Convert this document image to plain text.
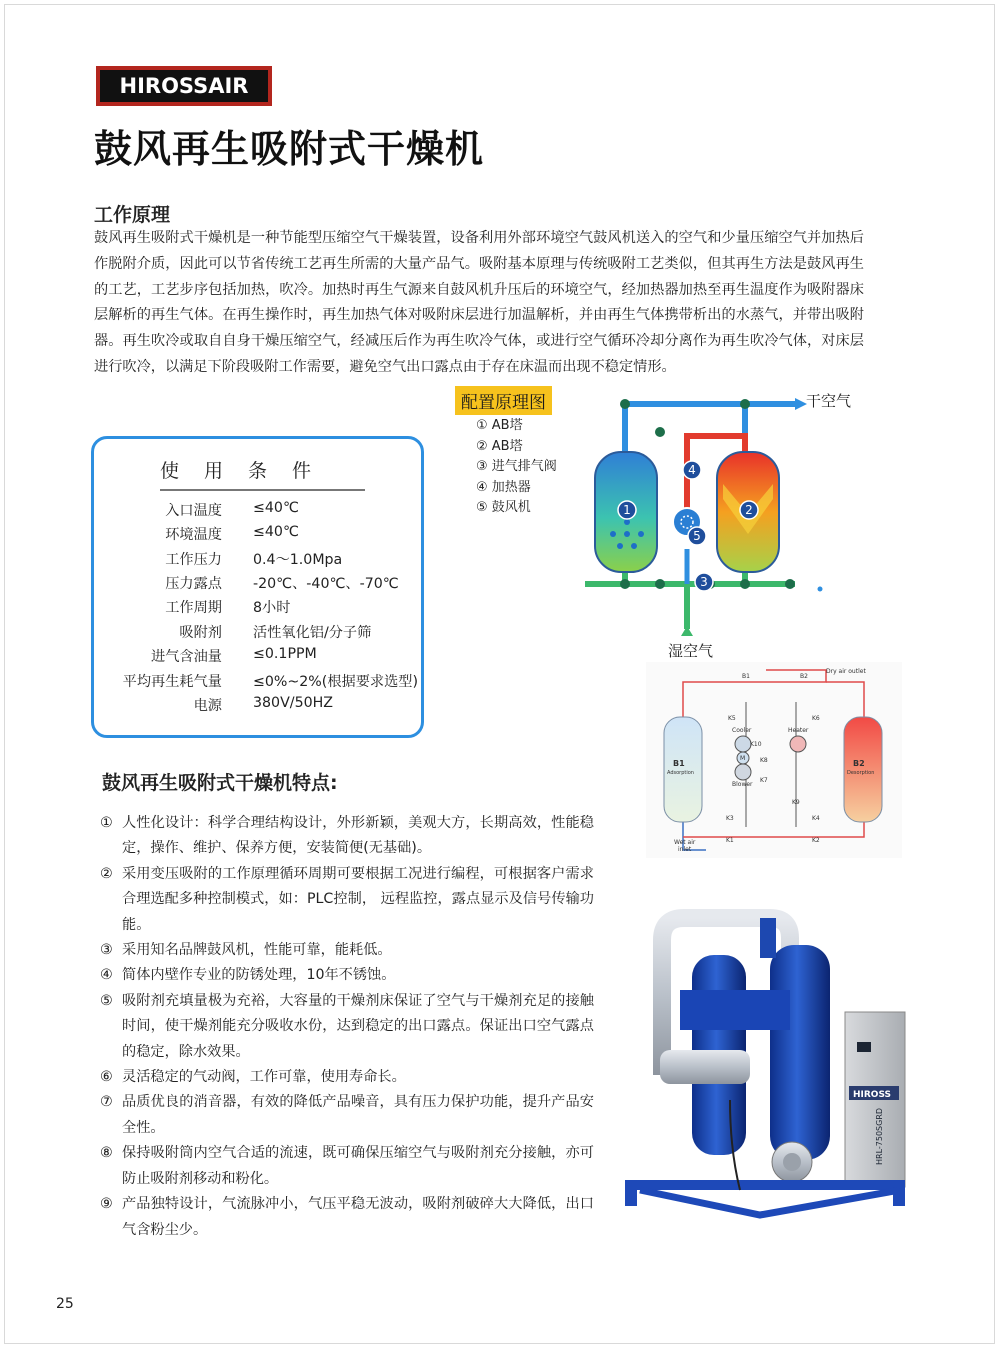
HIROSSAIR
鼓风再生吸附式干燥机
工作原理

鼓风再生吸附式干燥机是一种节能型压缩空气干燥装置，设备利用外部环境空气鼓风机送入的空气和少量压缩空气并加热后作脱附介质，因此可以节省传统工艺再生所需的大量产品气。吸附基本原理与传统吸附工艺类似，但其再生方法是鼓风再生的工艺，工艺步序包括加热，吹冷。加热时再生气源来自鼓风机升压后的环境空气，经加热器加热至再生温度作为吸附器床层解析的再生气体。在再生操作时，再生加热气体对吸附床层进行加温解析，并由再生气体携带析出的水蒸气，并带出吸附器。再生吹冷或取自自身干燥压缩空气，经减压后作为再生吹冷气体，或进行空气循环冷却分离作为再生吹冷气体，对床层进行吹冷，以满足下阶段吸附工作需要，避免空气出口露点由于存在床温而出现不稳定情形。

使用条件
入口温度 ≤40℃
环境温度 ≤40℃
工作压力 0.4～1.0Mpa
压力露点 -20℃、-40℃、-70℃
工作周期 8小时
吸附剂 活性氧化铝/分子筛
进气含油量 ≤0.1PPM
平均再生耗气量 ≤0%~2%(根据要求选型)
电源 380V/50HZ
1	2
3
4
5
配置原理图
① AB塔
② AB塔
③ 进气排气阀
④ 加热器
⑤ 鼓风机
干空气
湿空气
Dry air outlet
Wet air
inlet
B1
Adsorption
B2
Desorption
Cooler	Heater
Blower
M
B1	B2
K5	K6
K10
K8
K7
K9
K3	K4
K1	K2
鼓风再生吸附式干燥机特点:
① 人性化设计：科学合理结构设计，外形新颖，美观大方，长期高效，性能稳定，操作、维护、保养方便，安装简便(无基础)。
② 采用变压吸附的工作原理循环周期可要根据工况进行编程，可根据客户需求合理选配多种控制模式，如：PLC控制， 远程监控，露点显示及信号传输功能。
③ 采用知名品牌鼓风机，性能可靠，能耗低。
④ 简体内壁作专业的防锈处理，10年不锈蚀。
⑤ 吸附剂充填量极为充裕，大容量的干燥剂床保证了空气与干燥剂充足的接触时间，使干燥剂能充分吸收水份，达到稳定的出口露点。保证出口空气露点的稳定，除水效果。
⑥ 灵活稳定的气动阀，工作可靠，使用寿命长。
⑦ 品质优良的消音器，有效的降低产品噪音，具有压力保护功能，提升产品安全性。
⑧ 保持吸附筒内空气合适的流速，既可确保压缩空气与吸附剂充分接触，亦可防止吸附剂移动和粉化。
⑨ 产品独特设计，气流脉冲小，气压平稳无波动，吸附剂破碎大大降低，出口气含粉尘少。
HIROSS
HRL-750SGRD
25
